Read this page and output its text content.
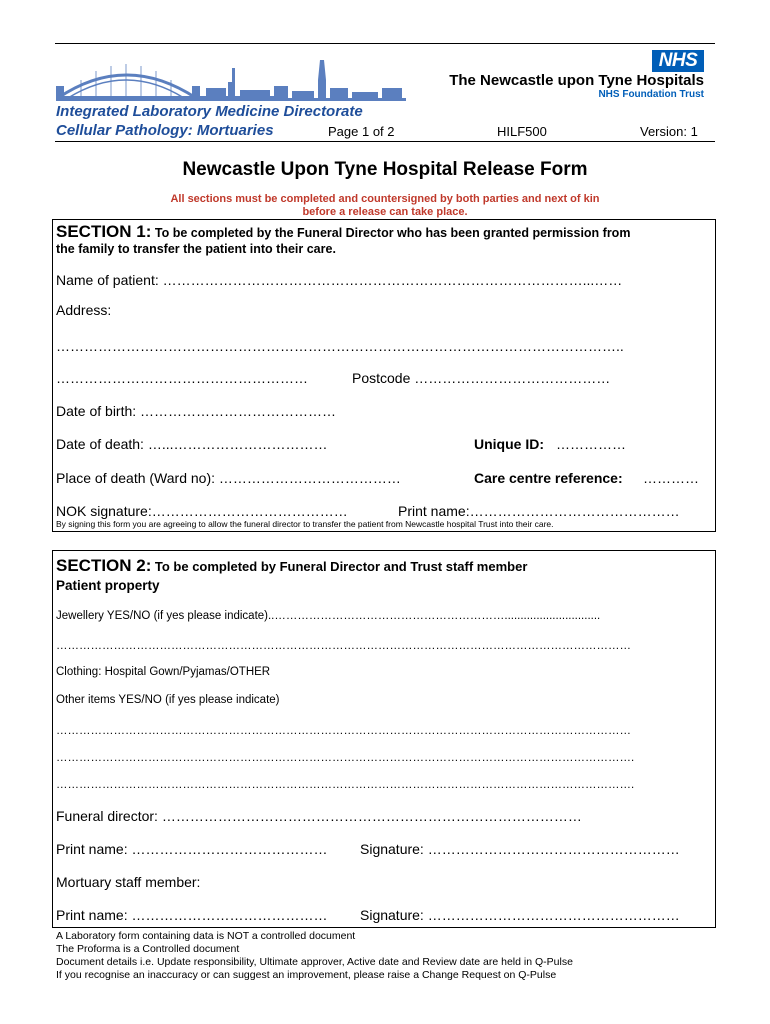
NHS
The Newcastle upon Tyne Hospitals
NHS Foundation Trust
Integrated Laboratory Medicine Directorate
Cellular Pathology: Mortuaries	Page 1 of 2	HILF500	Version: 1
Newcastle Upon Tyne Hospital Release Form
All sections must be completed and countersigned by both parties and next of kin
before a release can take place.
SECTION 1: To be completed by the Funeral Director who has been granted permission from
the family to transfer the patient into their care.
Name of patient: ………………………………………………………………………………...……
Address:
…………………………………………………………………………………………………………..
………………………………………………	Postcode ……………………………………
Date of birth: ……………………………………
Date of death: …...……………………………	Unique ID: ……………
Place of death (Ward no): …………………………………	Care centre reference: …………
NOK signature:……………………………………	Print name:………………………………………
By signing this form you are agreeing to allow the funeral director to transfer the patient from Newcastle hospital Trust into their care.
SECTION 2: To be completed by Funeral Director and Trust staff member
Patient property
Jewellery YES/NO (if yes please indicate)..……………………………………………………..............................
……………………………………………………………………………………………………………………………………
Clothing: Hospital Gown/Pyjamas/OTHER
Other items YES/NO (if yes please indicate)
……………………………………………………………………………………………………………………………………
…………………………………………………………………………………………………………………………………….
…………………………………………………………………………………………………………………………………….
Funeral director: ………………………………………………………………………………
Print name: …………………………………… Signature: ………………………………………………
Mortuary staff member:
Print name: …………………………………… Signature: ………………………………………………
A Laboratory form containing data is NOT a controlled document
The Proforma is a Controlled document
Document details i.e. Update responsibility, Ultimate approver, Active date and Review date are held in Q-Pulse
If you recognise an inaccuracy or can suggest an improvement, please raise a Change Request on Q-Pulse
